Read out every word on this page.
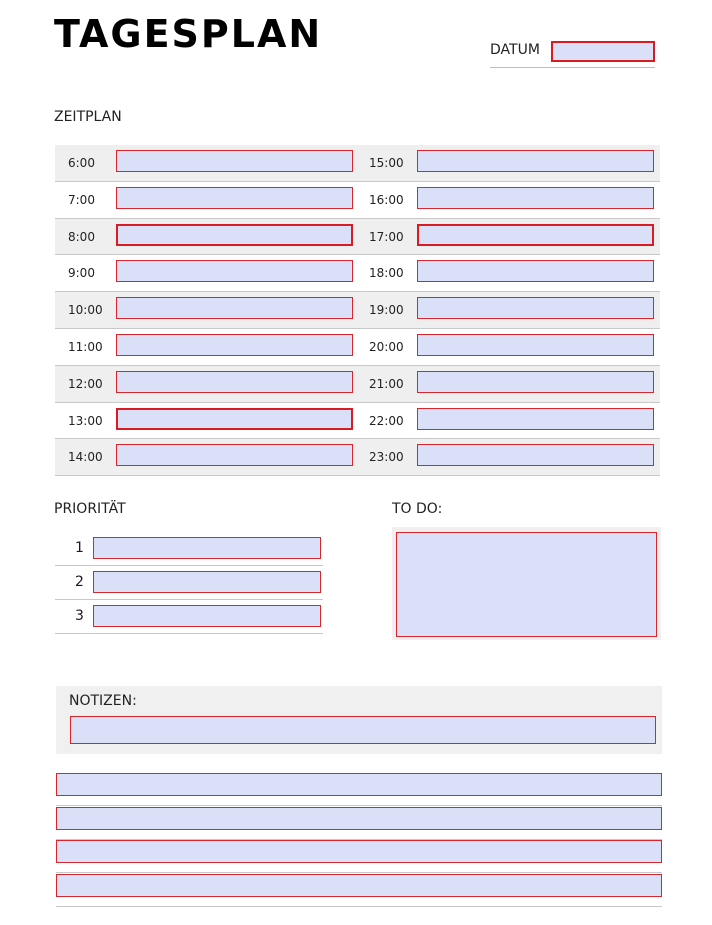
TAGESPLAN	DATUM
ZEITPLAN
6:00
7:00
8:00
9:00
10:00
11:00
12:00
13:00
14:00
15:00
16:00
17:00
18:00
19:00
20:00
21:00
22:00
23:00
PRIORITÄT
1
2
3
TO DO:
NOTIZEN:
